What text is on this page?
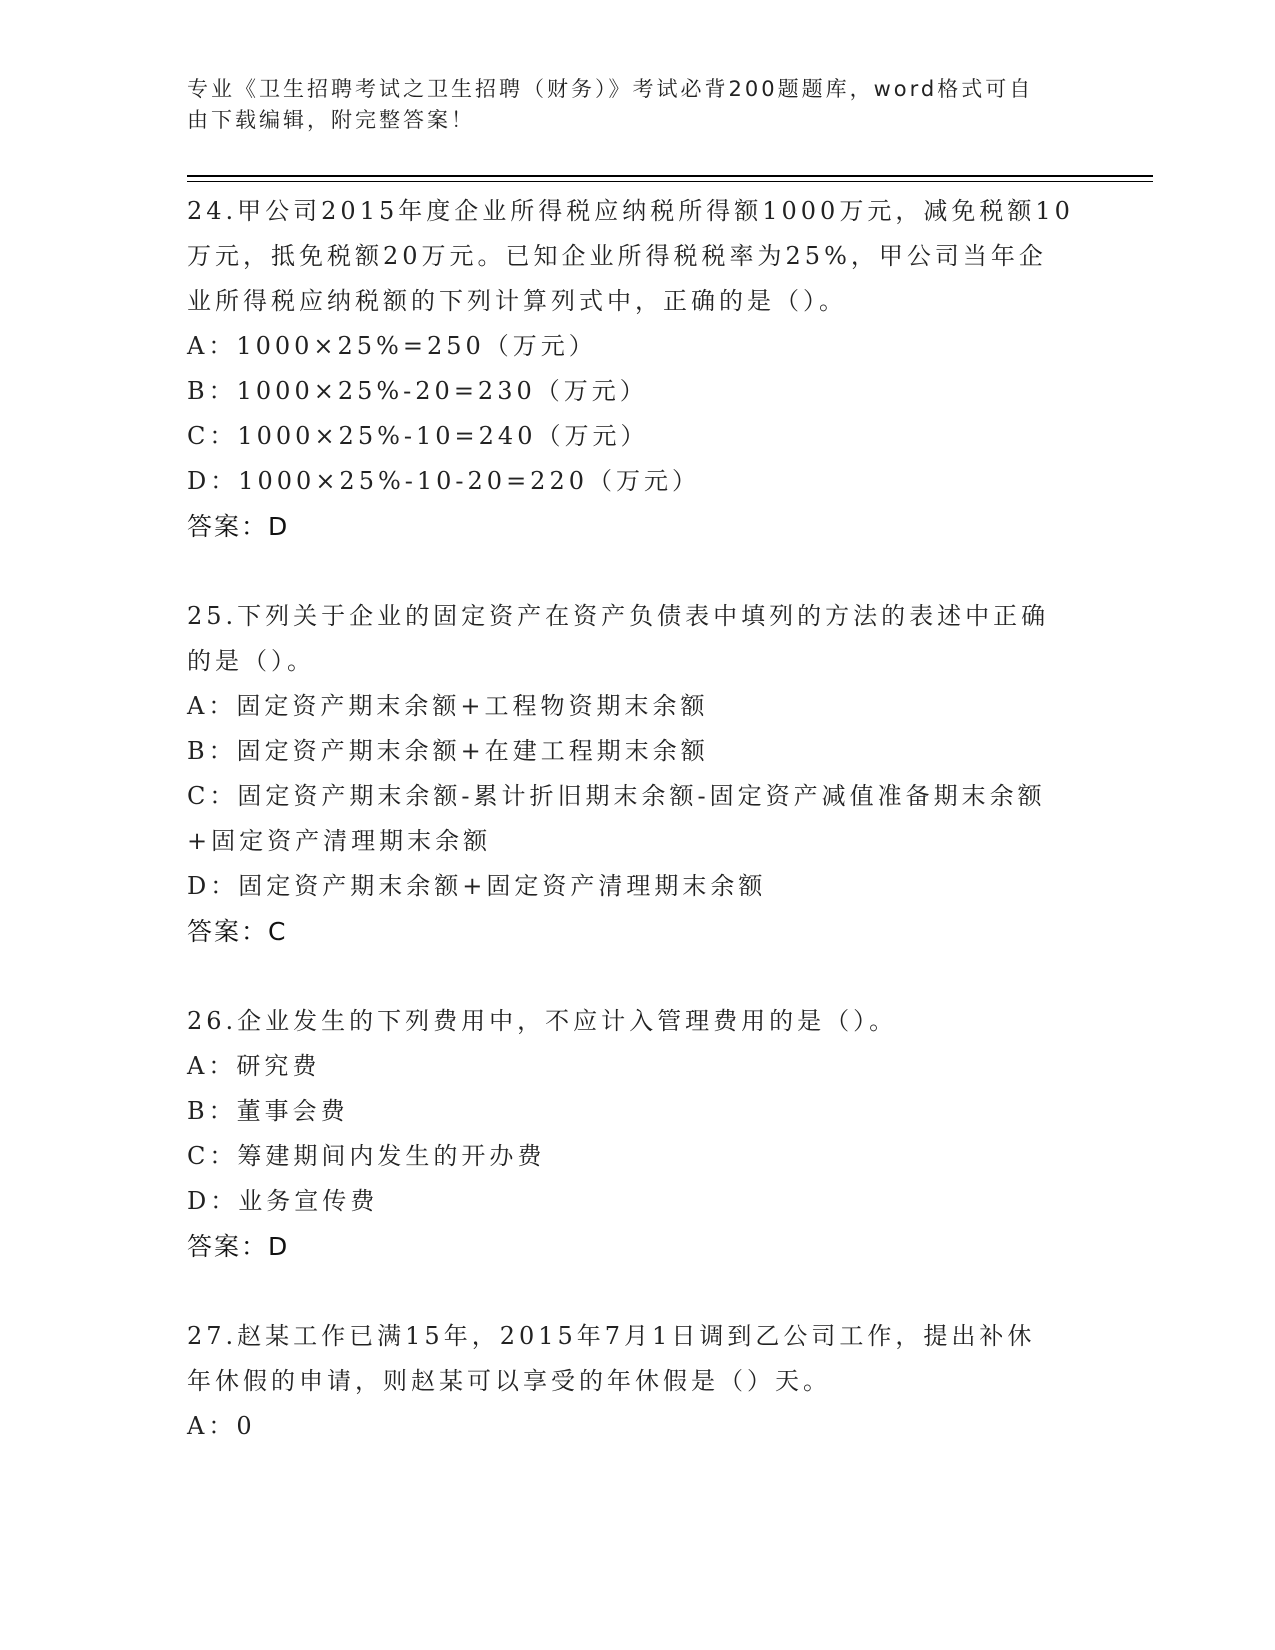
专业《卫生招聘考试之卫生招聘（财务）》考试必背200题题库，word格式可自
由下载编辑，附完整答案！
24.甲公司2015年度企业所得税应纳税所得额1000万元，减免税额10
万元，抵免税额20万元。已知企业所得税税率为25%，甲公司当年企
业所得税应纳税额的下列计算列式中，正确的是（）。
A：1000×25%=250（万元）
B：1000×25%-20=230（万元）
C：1000×25%-10=240（万元）
D：1000×25%-10-20=220（万元）
答案：D
25.下列关于企业的固定资产在资产负债表中填列的方法的表述中正确
的是（）。
A：固定资产期末余额+工程物资期末余额
B：固定资产期末余额+在建工程期末余额
C：固定资产期末余额-累计折旧期末余额-固定资产减值准备期末余额
+固定资产清理期末余额
D：固定资产期末余额+固定资产清理期末余额
答案：C
26.企业发生的下列费用中，不应计入管理费用的是（）。
A：研究费
B：董事会费
C：筹建期间内发生的开办费
D：业务宣传费
答案：D
27.赵某工作已满15年，2015年7月1日调到乙公司工作，提出补休
年休假的申请，则赵某可以享受的年休假是（）天。
A：0
